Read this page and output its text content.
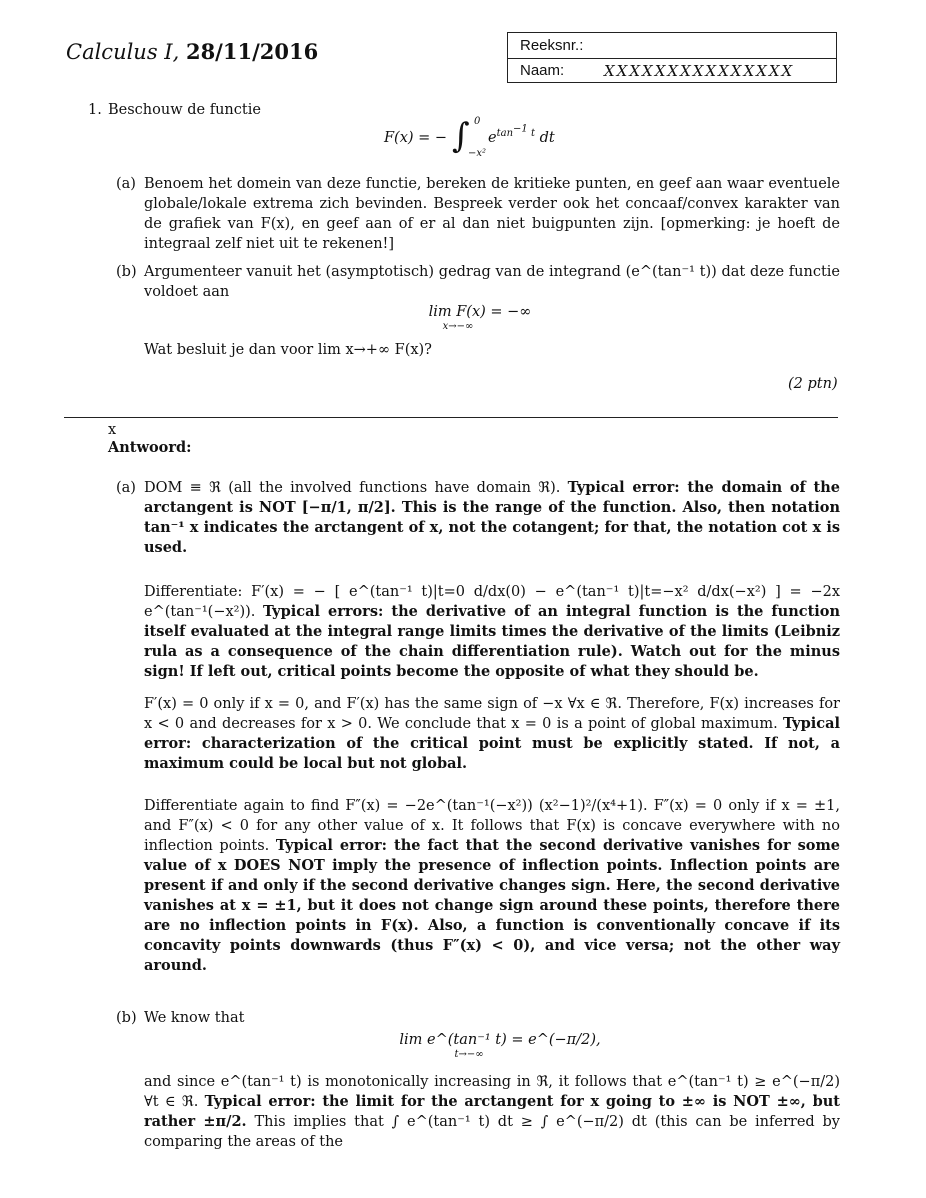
Calculus I, 28/11/2016	Reeksnr.:
Naam:	XXXXXXXXXXXXXXX
1. Beschouw de functie
F(x) = − ∫ 0
−x²
$e^{tan^{-1} t}$ dt
(a) Benoem het domein van deze functie, bereken de kritieke punten, en geef aan waar eventuele globale/lokale extrema zich bevinden. Bespreek verder ook het concaaf/convex karakter van de grafiek van F(x), en geef aan of er al dan niet buigpunten zijn. [opmerking: je hoeft de integraal zelf niet uit te rekenen!]
(b) Argumenteer vanuit het (asymptotisch) gedrag van de integrand (e^(tan⁻¹ t)) dat deze functie voldoet aan
lim F(x) = −∞
x→−∞
Wat besluit je dan voor lim x→+∞ F(x)?
(2 ptn)
x
Antwoord:
(a) DOM ≡ ℜ (all the involved functions have domain ℜ). Typical error: the domain of the arctangent is NOT [−π/1, π/2]. This is the range of the function. Also, then notation tan⁻¹ x indicates the arctangent of x, not the cotangent; for that, the notation cot x is used.
Differentiate: F′(x) = − [ e^(tan⁻¹ t)|t=0 d/dx(0) − e^(tan⁻¹ t)|t=−x² d/dx(−x²) ] = −2x e^(tan⁻¹(−x²)). Typical errors: the derivative of an integral function is the function itself evaluated at the integral range limits times the derivative of the limits (Leibniz rula as a consequence of the chain differentiation rule). Watch out for the minus sign! If left out, critical points become the opposite of what they should be.
F′(x) = 0 only if x = 0, and F′(x) has the same sign of −x ∀x ∈ ℜ. Therefore, F(x) increases for x < 0 and decreases for x > 0. We conclude that x = 0 is a point of global maximum. Typical error: characterization of the critical point must be explicitly stated. If not, a maximum could be local but not global.
Differentiate again to find F″(x) = −2e^(tan⁻¹(−x²)) (x²−1)²/(x⁴+1). F″(x) = 0 only if x = ±1, and F″(x) < 0 for any other value of x. It follows that F(x) is concave everywhere with no inflection points. Typical error: the fact that the second derivative vanishes for some value of x DOES NOT imply the presence of inflection points. Inflection points are present if and only if the second derivative changes sign. Here, the second derivative vanishes at x = ±1, but it does not change sign around these points, therefore there are no inflection points in F(x). Also, a function is conventionally concave if its concavity points downwards (thus F″(x) < 0), and vice versa; not the other way around.
(b) We know that
lim e^(tan⁻¹ t) = e^(−π/2),
t→−∞
and since e^(tan⁻¹ t) is monotonically increasing in ℜ, it follows that e^(tan⁻¹ t) ≥ e^(−π/2) ∀t ∈ ℜ. Typical error: the limit for the arctangent for x going to ±∞ is NOT ±∞, but rather ±π/2. This implies that ∫ e^(tan⁻¹ t) dt ≥ ∫ e^(−π/2) dt (this can be inferred by comparing the areas of the
